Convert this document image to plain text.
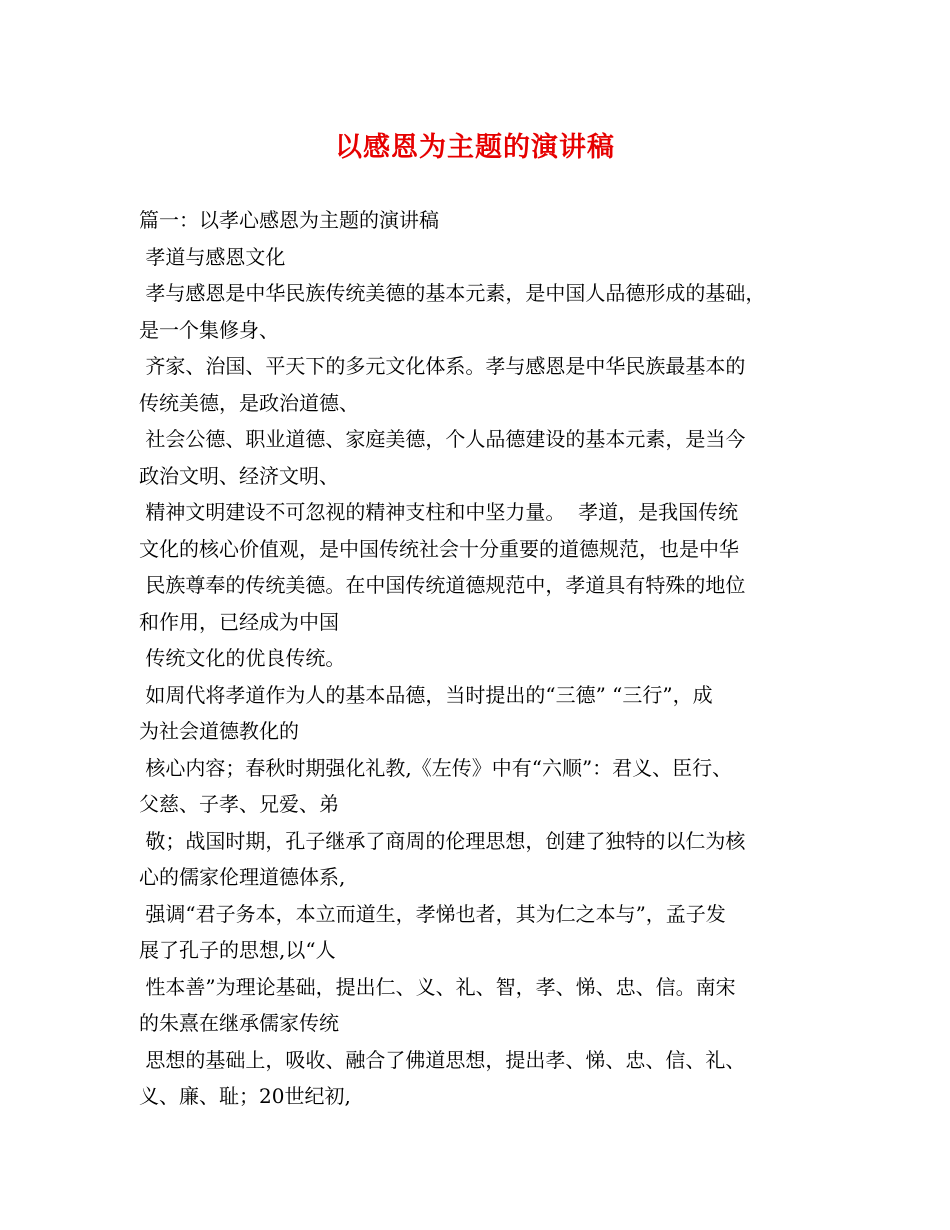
以感恩为主题的演讲稿
篇一：以孝心感恩为主题的演讲稿
孝道与感恩文化
孝与感恩是中华民族传统美德的基本元素，是中国人品德形成的基础，
是一个集修身、
齐家、治国、平天下的多元文化体系。孝与感恩是中华民族最基本的
传统美德，是政治道德、
社会公德、职业道德、家庭美德，个人品德建设的基本元素，是当今
政治文明、经济文明、
精神文明建设不可忽视的精神支柱和中坚力量。  孝道，是我国传统
文化的核心价值观，是中国传统社会十分重要的道德规范，也是中华
民族尊奉的传统美德。在中国传统道德规范中，孝道具有特殊的地位
和作用，已经成为中国
传统文化的优良传统。
如周代将孝道作为人的基本品德，当时提出的“三德” “三行”，成
为社会道德教化的
核心内容；春秋时期强化礼教,《左传》中有“六顺”：君义、臣行、
父慈、子孝、兄爱、弟
敬；战国时期，孔子继承了商周的伦理思想，创建了独特的以仁为核
心的儒家伦理道德体系,
强调“君子务本，本立而道生，孝悌也者，其为仁之本与”，孟子发
展了孔子的思想,以“人
性本善”为理论基础，提出仁、义、礼、智，孝、悌、忠、信。南宋
的朱熹在继承儒家传统
思想的基础上，吸收、融合了佛道思想，提出孝、悌、忠、信、礼、
义、廉、耻；20世纪初,
